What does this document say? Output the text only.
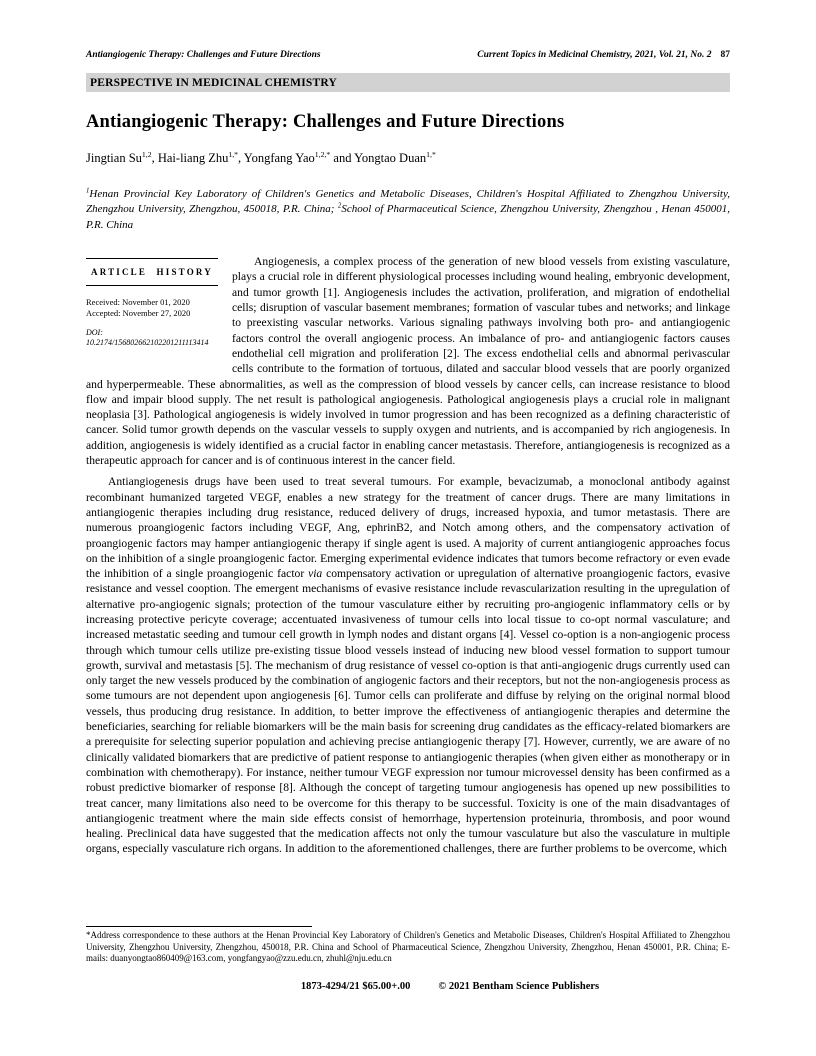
Antiangiogenic Therapy: Challenges and Future Directions	Current Topics in Medicinal Chemistry, 2021, Vol. 21, No. 2 87
PERSPECTIVE IN MEDICINAL CHEMISTRY
Antiangiogenic Therapy: Challenges and Future Directions
Jingtian Su$^{1,2}$, Hai-liang Zhu$^{1,*}$, Yongfang Yao$^{1,2,*}$ and Yongtao Duan$^{1,*}$
$^1$Henan Provincial Key Laboratory of Children's Genetics and Metabolic Diseases, Children's Hospital Affiliated to Zhengzhou University, Zhengzhou University, Zhengzhou, 450018, P.R. China; $^2$School of Pharmaceutical Science, Zhengzhou University, Zhengzhou , Henan 450001, P.R. China
ARTICLE HISTORY
Received: November 01, 2020
Accepted: November 27, 2020
DOI:
10.2174/156802662102201211113414

Angiogenesis, a complex process of the generation of new blood vessels from existing vasculature, plays a crucial role in different physiological processes including wound healing, embryonic development, and tumor growth [1]. Angiogenesis includes the activation, proliferation, and migration of endothelial cells; disruption of vascular basement membranes; formation of vascular tubes and networks; and linkage to preexisting vascular networks. Various signaling pathways involving both pro- and antiangiogenic factors control the overall angiogenic process. An imbalance of pro- and antiangiogenic factors causes endothelial cell migration and proliferation [2]. The excess endothelial cells and abnormal perivascular cells contribute to the formation of tortuous, dilated and saccular blood vessels that are poorly organized and hyperpermeable. These abnormalities, as well as the compression of blood vessels by cancer cells, can increase resistance to blood flow and impair blood supply. The net result is pathological angiogenesis. Pathological angiogenesis plays a crucial role in malignant neoplasia [3]. Pathological angiogenesis is widely involved in tumor progression and has been recognized as a defining characteristic of cancer. Solid tumor growth depends on the vascular vessels to supply oxygen and nutrients, and is accompanied by rich angiogenesis. In addition, angiogenesis is widely identified as a crucial factor in enabling cancer metastasis. Therefore, antiangiogenesis is recognized as a therapeutic approach for cancer and is of continuous interest in the cancer field.

Antiangiogenesis drugs have been used to treat several tumours. For example, bevacizumab, a monoclonal antibody against recombinant humanized targeted VEGF, enables a new strategy for the treatment of cancer drugs. There are many limitations in antiangiogenic therapies including drug resistance, reduced delivery of drugs, increased hypoxia, and tumor metastasis. There are numerous proangiogenic factors including VEGF, Ang, ephrinB2, and Notch among others, and the compensatory activation of proangiogenic factors may hamper antiangiogenic therapy if single agent is used. A majority of current antiangiogenic approaches focus on the inhibition of a single proangiogenic factor. Emerging experimental evidence indicates that tumors become refractory or even evade the inhibition of a single proangiogenic factor via compensatory activation or upregulation of alternative proangiogenic factors, evasive resistance and vessel cooption. The emergent mechanisms of evasive resistance include revascularization resulting in the upregulation of alternative pro-angiogenic signals; protection of the tumour vasculature either by recruiting pro-angiogenic inflammatory cells or by increasing protective pericyte coverage; accentuated invasiveness of tumour cells into local tissue to co-opt normal vasculature; and increased metastatic seeding and tumour cell growth in lymph nodes and distant organs [4]. Vessel co-option is a non-angiogenic process through which tumour cells utilize pre-existing tissue blood vessels instead of inducing new blood vessel formation to support tumour growth, survival and metastasis [5]. The mechanism of drug resistance of vessel co-option is that anti-angiogenic drugs currently used can only target the new vessels produced by the combination of angiogenic factors and their receptors, but not the non-angiogenesis process as some tumours are not dependent upon angiogenesis [6]. Tumor cells can proliferate and diffuse by relying on the original normal blood vessels, thus producing drug resistance. In addition, to better improve the effectiveness of antiangiogenic therapies and determine the beneficiaries, searching for reliable biomarkers will be the main basis for screening drug candidates as the efficacy-related biomarkers are a prerequisite for selecting superior population and achieving precise antiangiogenic therapy [7]. However, currently, we are aware of no clinically validated biomarkers that are predictive of patient response to antiangiogenic therapies (when given either as monotherapy or in combination with chemotherapy). For instance, neither tumour VEGF expression nor tumour microvessel density has been confirmed as a robust predictive biomarker of response [8]. Although the concept of targeting tumour angiogenesis has opened up new possibilities to treat cancer, many limitations also need to be overcome for this therapy to be successful. Toxicity is one of the main disadvantages of antiangiogenic treatment where the main side effects consist of hemorrhage, hypertension proteinuria, thrombosis, and poor wound healing. Preclinical data have suggested that the medication affects not only the tumour vasculature but also the vasculature in multiple organs, especially vasculature rich organs. In addition to the aforementioned challenges, there are further problems to be overcome, which

*Address correspondence to these authors at the Henan Provincial Key Laboratory of Children's Genetics and Metabolic Diseases, Children's Hospital Affiliated to Zhengzhou University, Zhengzhou University, Zhengzhou, 450018, P.R. China and School of Pharmaceutical Science, Zhengzhou University, Zhengzhou, Henan 450001, P.R. China; E-mails: duanyongtao860409@163.com, yongfangyao@zzu.edu.cn, zhuhl@nju.edu.cn
1873-4294/21 $65.00+.00	© 2021 Bentham Science Publishers
